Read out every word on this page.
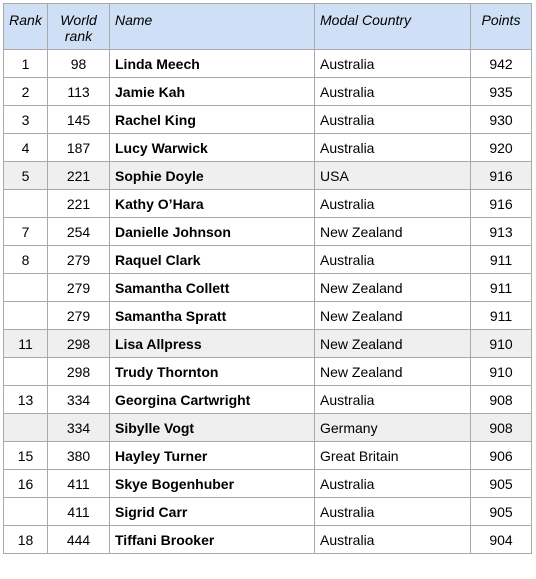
Rank	World rank	Name	Modal Country	Points
1	98	Linda Meech	Australia	942
2	113	Jamie Kah	Australia	935
3	145	Rachel King	Australia	930
4	187	Lucy Warwick	Australia	920
5	221	Sophie Doyle	USA	916
	221	Kathy O’Hara	Australia	916
7	254	Danielle Johnson	New Zealand	913
8	279	Raquel Clark	Australia	911
	279	Samantha Collett	New Zealand	911
	279	Samantha Spratt	New Zealand	911
11	298	Lisa Allpress	New Zealand	910
	298	Trudy Thornton	New Zealand	910
13	334	Georgina Cartwright	Australia	908
	334	Sibylle Vogt	Germany	908
15	380	Hayley Turner	Great Britain	906
16	411	Skye Bogenhuber	Australia	905
	411	Sigrid Carr	Australia	905
18	444	Tiffani Brooker	Australia	904
